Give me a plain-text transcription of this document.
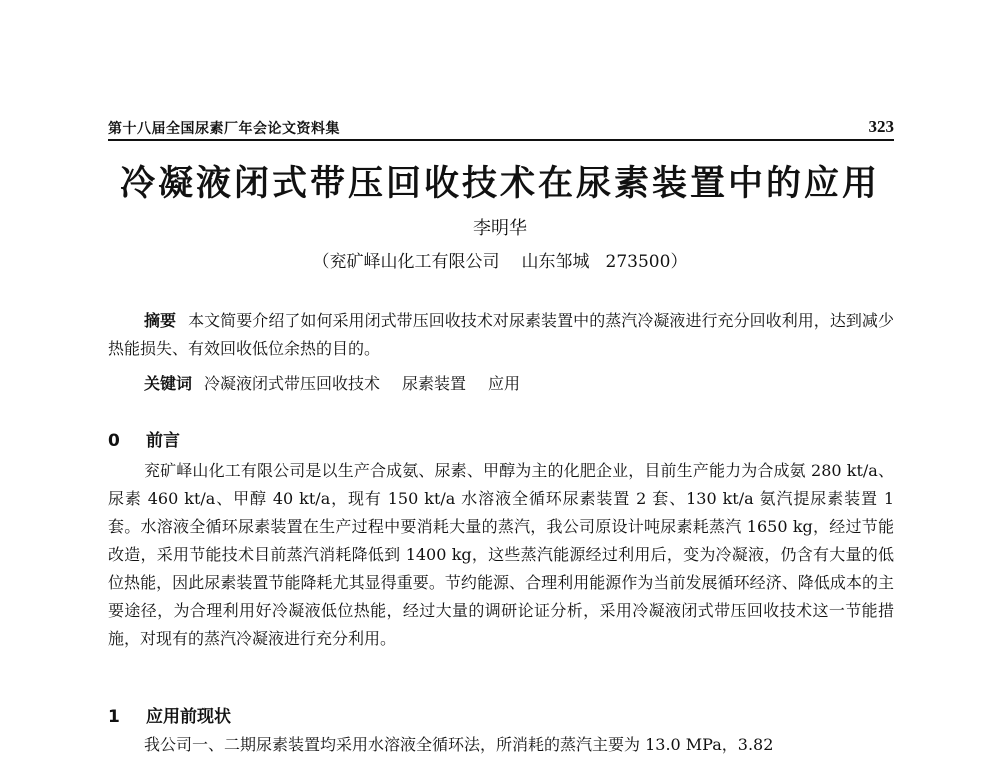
第十八届全国尿素厂年会论文资料集	323
冷凝液闭式带压回收技术在尿素装置中的应用
李明华
（兖矿峄山化工有限公司 山东邹城 273500）
摘要 本文简要介绍了如何采用闭式带压回收技术对尿素装置中的蒸汽冷凝液进行充分回收利用，达到减少热能损失、有效回收低位余热的目的。
关键词 冷凝液闭式带压回收技术 尿素装置 应用
0 前言

兖矿峄山化工有限公司是以生产合成氨、尿素、甲醇为主的化肥企业，目前生产能力为合成氨 280 kt/a、尿素 460 kt/a、甲醇 40 kt/a，现有 150 kt/a 水溶液全循环尿素装置 2 套、130 kt/a 氨汽提尿素装置 1 套。水溶液全循环尿素装置在生产过程中要消耗大量的蒸汽，我公司原设计吨尿素耗蒸汽 1650 kg，经过节能改造，采用节能技术目前蒸汽消耗降低到 1400 kg，这些蒸汽能源经过利用后，变为冷凝液，仍含有大量的低位热能，因此尿素装置节能降耗尤其显得重要。节约能源、合理利用能源作为当前发展循环经济、降低成本的主要途径，为合理利用好冷凝液低位热能，经过大量的调研论证分析，采用冷凝液闭式带压回收技术这一节能措施，对现有的蒸汽冷凝液进行充分利用。

1 应用前现状

我公司一、二期尿素装置均采用水溶液全循环法，所消耗的蒸汽主要为 13.0 MPa，3.82
